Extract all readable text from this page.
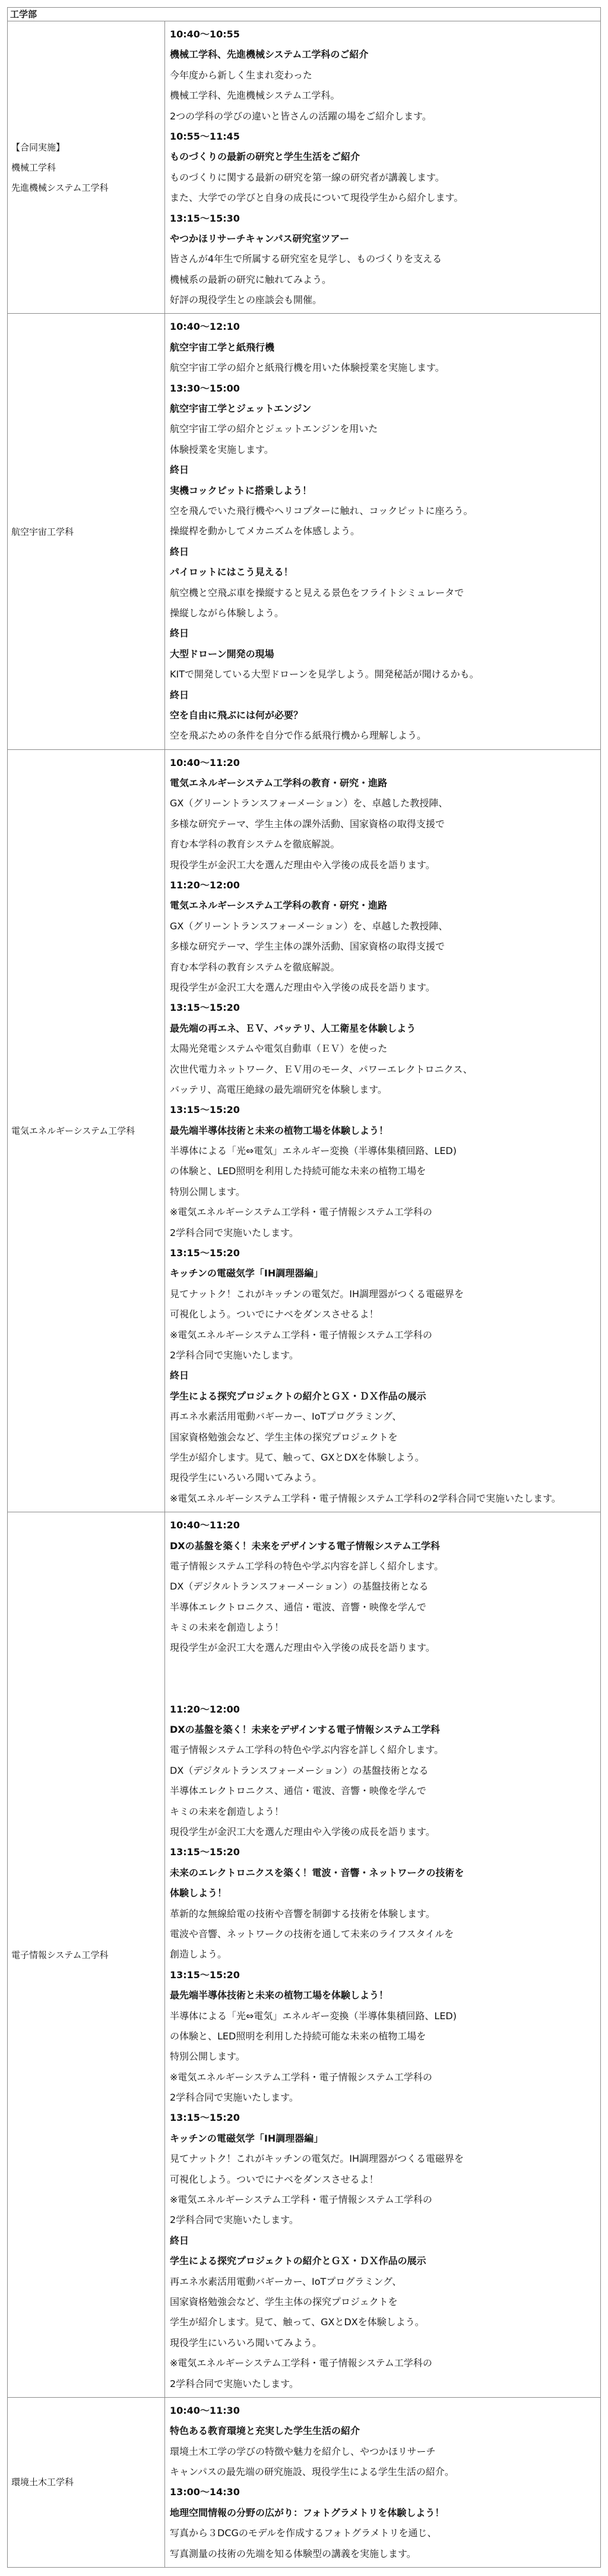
工学部
【合同実施】
機械工学科
先進機械システム工学科
10:40〜10:55
機械工学科、先進機械システム工学科のご紹介
今年度から新しく生まれ変わった
機械工学科、先進機械システム工学科。
2つの学科の学びの違いと皆さんの活躍の場をご紹介します。
10:55〜11:45
ものづくりの最新の研究と学生生活をご紹介
ものづくりに関する最新の研究を第一線の研究者が講義します。
また、大学での学びと自身の成長について現役学生から紹介します。
13:15〜15:30
やつかほリサーチキャンパス研究室ツアー
皆さんが4年生で所属する研究室を見学し、ものづくりを支える
機械系の最新の研究に触れてみよう。
好評の現役学生との座談会も開催。
航空宇宙工学科
10:40〜12:10
航空宇宙工学と紙飛行機
航空宇宙工学の紹介と紙飛行機を用いた体験授業を実施します。
13:30〜15:00
航空宇宙工学とジェットエンジン
航空宇宙工学の紹介とジェットエンジンを用いた
体験授業を実施します。
終日
実機コックピットに搭乗しよう！
空を飛んでいた飛行機やヘリコプターに触れ、コックピットに座ろう。
操縦桿を動かしてメカニズムを体感しよう。
終日
パイロットにはこう見える！
航空機と空飛ぶ車を操縦すると見える景色をフライトシミュレータで
操縦しながら体験しよう。
終日
大型ドローン開発の現場
KITで開発している大型ドローンを見学しよう。開発秘話が聞けるかも。
終日
空を自由に飛ぶには何が必要？
空を飛ぶための条件を自分で作る紙飛行機から理解しよう。
電気エネルギーシステム工学科
10:40〜11:20
電気エネルギーシステム工学科の教育・研究・進路
GX（グリーントランスフォーメーション）を、卓越した教授陣、
多様な研究テーマ、学生主体の課外活動、国家資格の取得支援で
育む本学科の教育システムを徹底解説。
現役学生が金沢工大を選んだ理由や入学後の成長を語ります。
11:20〜12:00
電気エネルギーシステム工学科の教育・研究・進路
GX（グリーントランスフォーメーション）を、卓越した教授陣、
多様な研究テーマ、学生主体の課外活動、国家資格の取得支援で
育む本学科の教育システムを徹底解説。
現役学生が金沢工大を選んだ理由や入学後の成長を語ります。
13:15〜15:20
最先端の再エネ、ＥＶ、バッテリ、人工衛星を体験しよう
太陽光発電システムや電気自動車（ＥＶ）を使った
次世代電力ネットワーク、ＥＶ用のモータ、パワーエレクトロニクス、
バッテリ、高電圧絶縁の最先端研究を体験します。
13:15〜15:20
最先端半導体技術と未来の植物工場を体験しよう！
半導体による「光⇔電気」エネルギー変換（半導体集積回路、LED)
の体験と、LED照明を利用した持続可能な未来の植物工場を
特別公開します。
※電気エネルギーシステム工学科・電子情報システム工学科の
2学科合同で実施いたします。
13:15〜15:20
キッチンの電磁気学「IH調理器編」
見てナットク！これがキッチンの電気だ。IH調理器がつくる電磁界を
可視化しよう。ついでにナベをダンスさせるよ！
※電気エネルギーシステム工学科・電子情報システム工学科の
2学科合同で実施いたします。
終日
学生による探究プロジェクトの紹介とＧＸ・ＤＸ作品の展示
再エネ水素活用電動バギーカー、IoTプログラミング、
国家資格勉強会など、学生主体の探究プロジェクトを
学生が紹介します。見て、触って、GXとDXを体験しよう。
現役学生にいろいろ聞いてみよう。
※電気エネルギーシステム工学科・電子情報システム工学科の2学科合同で実施いたします。
電子情報システム工学科
10:40〜11:20
DXの基盤を築く！未来をデザインする電子情報システム工学科
電子情報システム工学科の特色や学ぶ内容を詳しく紹介します。
DX（デジタルトランスフォーメーション）の基盤技術となる
半導体エレクトロニクス、通信・電波、音響・映像を学んで
キミの未来を創造しよう！
現役学生が金沢工大を選んだ理由や入学後の成長を語ります。
11:20〜12:00
DXの基盤を築く！未来をデザインする電子情報システム工学科
電子情報システム工学科の特色や学ぶ内容を詳しく紹介します。
DX（デジタルトランスフォーメーション）の基盤技術となる
半導体エレクトロニクス、通信・電波、音響・映像を学んで
キミの未来を創造しよう！
現役学生が金沢工大を選んだ理由や入学後の成長を語ります。
13:15〜15:20
未来のエレクトロニクスを築く！電波・音響・ネットワークの技術を
体験しよう！
革新的な無線給電の技術や音響を制御する技術を体験します。
電波や音響、ネットワークの技術を通して未来のライフスタイルを
創造しよう。
13:15〜15:20
最先端半導体技術と未来の植物工場を体験しよう！
半導体による「光⇔電気」エネルギー変換（半導体集積回路、LED)
の体験と、LED照明を利用した持続可能な未来の植物工場を
特別公開します。
※電気エネルギーシステム工学科・電子情報システム工学科の
2学科合同で実施いたします。
13:15〜15:20
キッチンの電磁気学「IH調理器編」
見てナットク！これがキッチンの電気だ。IH調理器がつくる電磁界を
可視化しよう。ついでにナベをダンスさせるよ！
※電気エネルギーシステム工学科・電子情報システム工学科の
2学科合同で実施いたします。
終日
学生による探究プロジェクトの紹介とＧＸ・ＤＸ作品の展示
再エネ水素活用電動バギーカー、IoTプログラミング、
国家資格勉強会など、学生主体の探究プロジェクトを
学生が紹介します。見て、触って、GXとDXを体験しよう。
現役学生にいろいろ聞いてみよう。
※電気エネルギーシステム工学科・電子情報システム工学科の
2学科合同で実施いたします。
環境土木工学科
10:40〜11:30
特色ある教育環境と充実した学生生活の紹介
環境土木工学の学びの特徴や魅力を紹介し、やつかほリサーチ
キャンパスの最先端の研究施設、現役学生による学生生活の紹介。
13:00〜14:30
地理空間情報の分野の広がり：フォトグラメトリを体験しよう！
写真から３DCGのモデルを作成するフォトグラメトリを通じ、
写真測量の技術の先端を知る体験型の講義を実施します。
